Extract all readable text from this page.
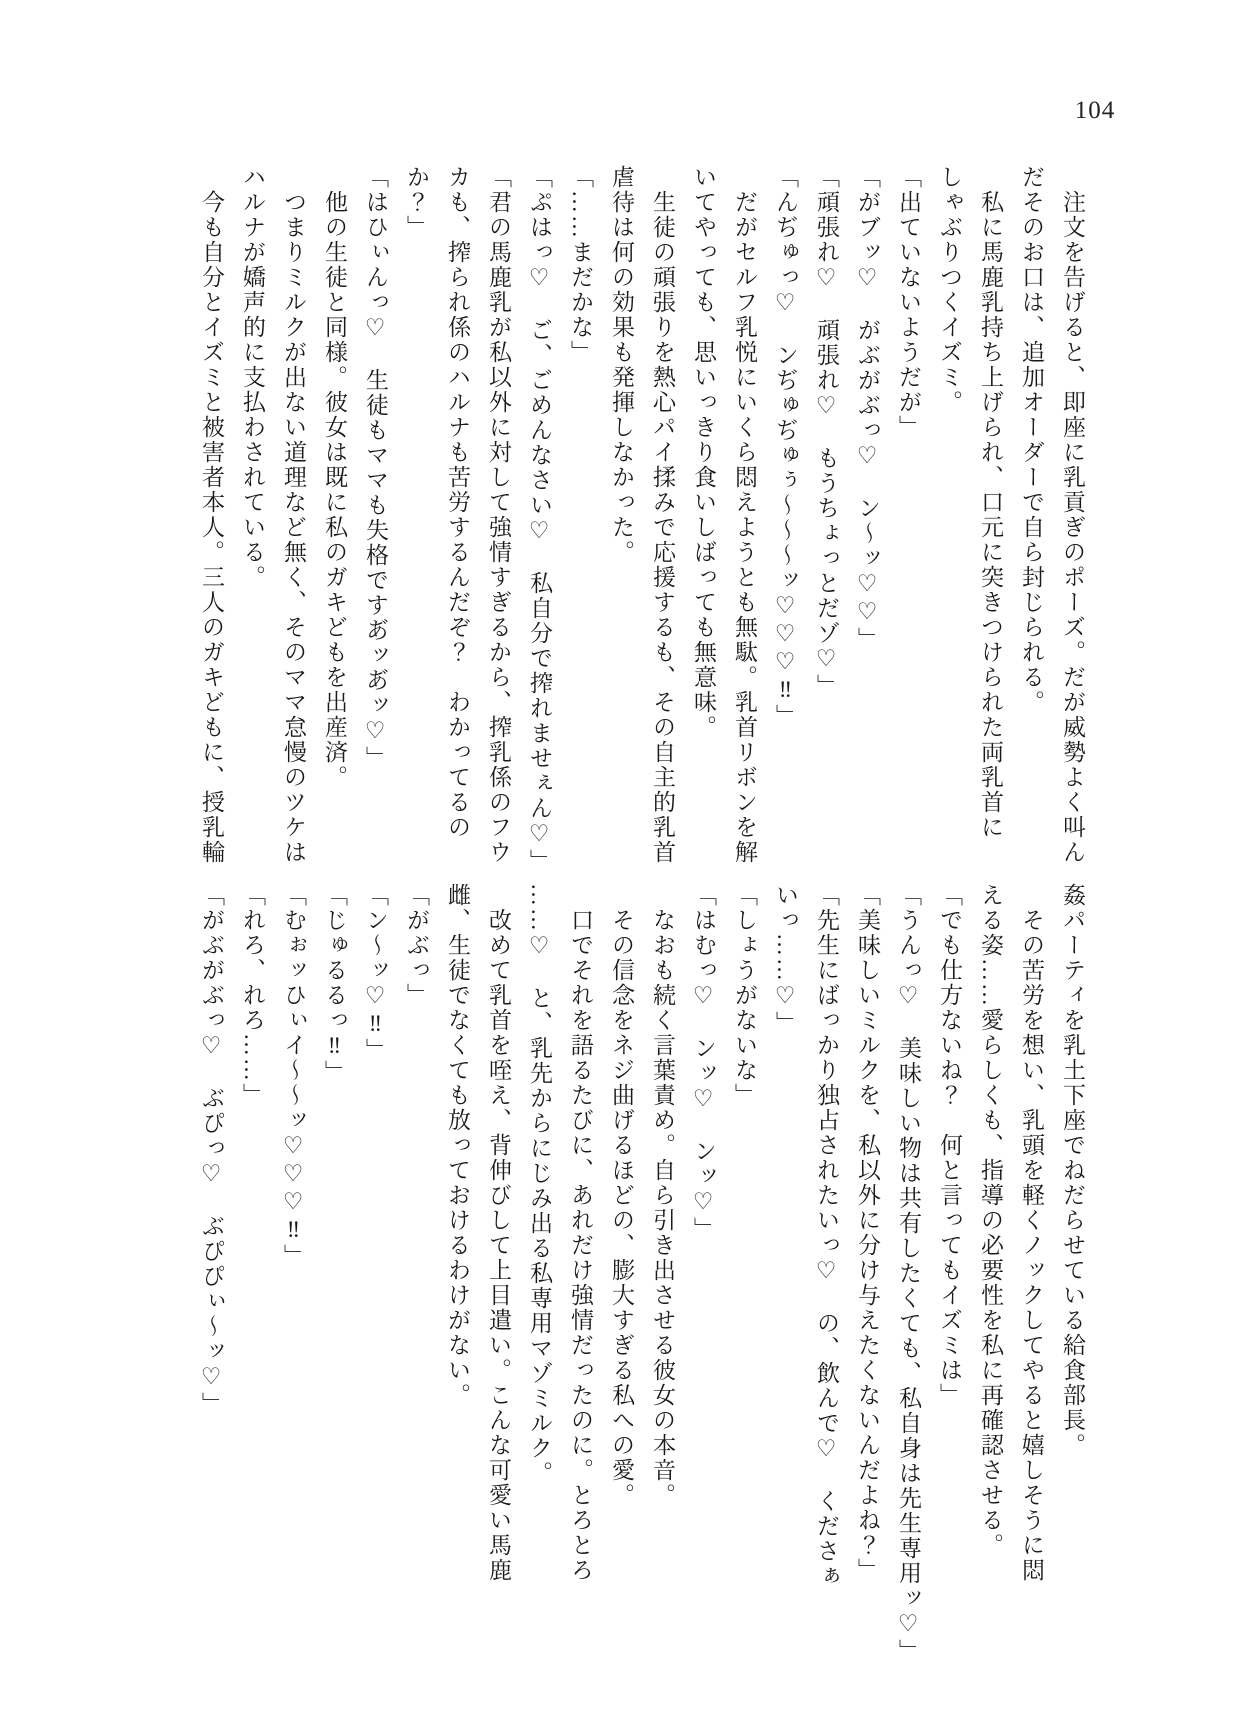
104

　注文を告げると、即座に乳貢ぎのポーズ。だが威勢よく叫ん

だそのお口は、追加オーダーで自ら封じられる。

　私に馬鹿乳持ち上げられ、口元に突きつけられた両乳首に

しゃぶりつくイズミ。

「出ていないようだが」

「がブッ♡　がぶがぶっ♡　ン～ッ♡♡」

「頑張れ♡　頑張れ♡　もうちょっとだゾ♡」

「んぢゅっ♡　ンぢゅぢゅぅ～～～ッ♡♡♡‼」

　だがセルフ乳悦にいくら悶えようとも無駄。乳首リボンを解

いてやっても、思いっきり食いしばっても無意味。

　生徒の頑張りを熱心パイ揉みで応援するも、その自主的乳首

虐待は何の効果も発揮しなかった。

「……まだかな」

「ぷはっ♡　ご、ごめんなさい♡　私自分で搾れませぇん♡」

「君の馬鹿乳が私以外に対して強情すぎるから、搾乳係のフウ

カも、搾られ係のハルナも苦労するんだぞ？　わかってるの

か？」

「はひぃんっ♡　生徒もママも失格ですあ゙ッあ゙ッ♡」

　他の生徒と同様。彼女は既に私のガキどもを出産済。

　つまりミルクが出ない道理など無く、そのママ怠慢のツケは

ハルナが嬌声的に支払わされている。

　今も自分とイズミと被害者本人。三人のガキどもに、授乳輪

姦パーティを乳土下座でねだらせている給食部長。

　その苦労を想い、乳頭を軽くノックしてやると嬉しそうに悶

える姿……愛らしくも、指導の必要性を私に再確認させる。

「でも仕方ないね？　何と言ってもイズミは」

「うんっ♡　美味しい物は共有したくても、私自身は先生専用ッ♡」

「美味しいミルクを、私以外に分け与えたくないんだよね？」

「先生にばっかり独占されたいっ♡　の、飲んで♡　くださぁ

いっ……♡」

「しょうがないな」

「はむっ♡　ンッ♡　ンッ♡」

　なおも続く言葉責め。自ら引き出させる彼女の本音。

　その信念をネジ曲げるほどの、膨大すぎる私への愛。

　口でそれを語るたびに、あれだけ強情だったのに。とろとろ

……♡　と、乳先からにじみ出る私専用マゾミルク。

　改めて乳首を咥え、背伸びして上目遣い。こんな可愛い馬鹿

雌、生徒でなくても放っておけるわけがない。

「がぶっ」

「ン～ッ♡‼」

「じゅるるっ‼」

「むぉッひぃイ～～ッ♡♡♡‼」

「れろ、れろ……」

「がぶがぶっ♡　ぶぴっ♡　ぶぴぴぃ～ッ♡」
